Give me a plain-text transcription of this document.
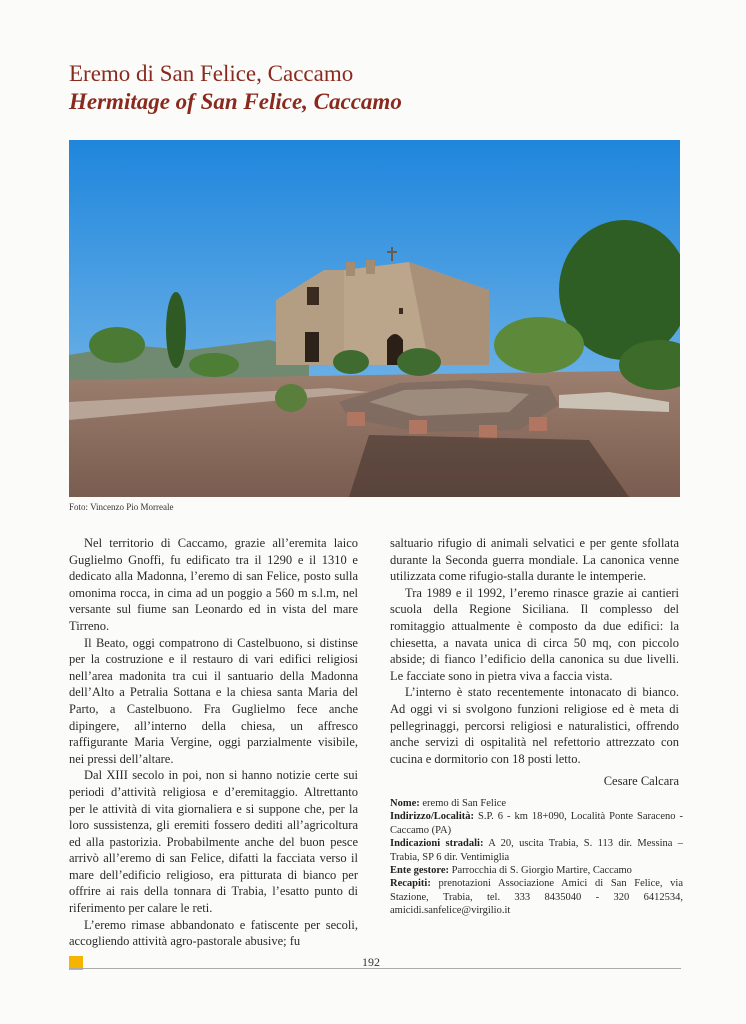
Eremo di San Felice, Caccamo
Hermitage of San Felice, Caccamo
Foto: Vincenzo Pio Morreale

Nel territorio di Caccamo, grazie all’eremita laico Guglielmo Gnoffi, fu edificato tra il 1290 e il 1310 e dedicato alla Madonna, l’eremo di san Felice, posto sulla omonima rocca, in cima ad un poggio a 560 m s.l.m, nel versante sul fiume san Leonardo ed in vista del mare Tirreno.

Il Beato, oggi compatrono di Castelbuono, si distinse per la costruzione e il restauro di vari edifici religiosi nell’area madonita tra cui il santuario della Madonna dell’Alto a Petralia Sottana e la chiesa santa Maria del Parto, a Castelbuono. Fra Guglielmo fece anche dipingere, all’interno della chiesa, un affresco raffigurante Maria Vergine, oggi parzialmente visibile, nei pressi dell’altare.

Dal XIII secolo in poi, non si hanno notizie certe sui periodi d’attività religiosa e d’eremitaggio. Altrettanto per le attività di vita giornaliera e si suppone che, per la loro sussistenza, gli eremiti fossero dediti all’agricoltura ed alla pastorizia. Probabilmente anche del buon pesce arrivò all’eremo di san Felice, difatti la facciata verso il mare dell’edificio religioso, era pitturata di bianco per offrire ai rais della tonnara di Trabia, l’esatto punto di riferimento per calare le reti.

L’eremo rimase abbandonato e fatiscente per secoli, accogliendo attività agro-pastorale abusive; fu

saltuario rifugio di animali selvatici e per gente sfollata durante la Seconda guerra mondiale. La canonica venne utilizzata come rifugio-stalla durante le intemperie.

Tra 1989 e il 1992, l’eremo rinasce grazie ai cantieri scuola della Regione Siciliana. Il complesso del romitaggio attualmente è composto da due edifici: la chiesetta, a navata unica di circa 50 mq, con piccolo abside; di fianco l’edificio della canonica su due livelli. Le facciate sono in pietra viva a faccia vista.

L’interno è stato recentemente intonacato di bianco. Ad oggi vi si svolgono funzioni religiose ed è meta di pellegrinaggi, percorsi religiosi e naturalistici, offrendo anche servizi di ospitalità nel refettorio attrezzato con cucina e dormitorio con 18 posti letto.

Cesare Calcara

Nome: eremo di San Felice
Indirizzo/Località: S.P. 6 - km 18+090, Località Ponte Saraceno - Caccamo (PA)
Indicazioni stradali: A 20, uscita Trabia, S. 113 dir. Messina – Trabia, SP 6 dir. Ventimiglia
Ente gestore: Parrocchia di S. Giorgio Martire, Caccamo
Recapiti: prenotazioni Associazione Amici di San Felice, via Stazione, Trabia, tel. 333 8435040 - 320 6412534, amicidi.sanfelice@virgilio.it
192
